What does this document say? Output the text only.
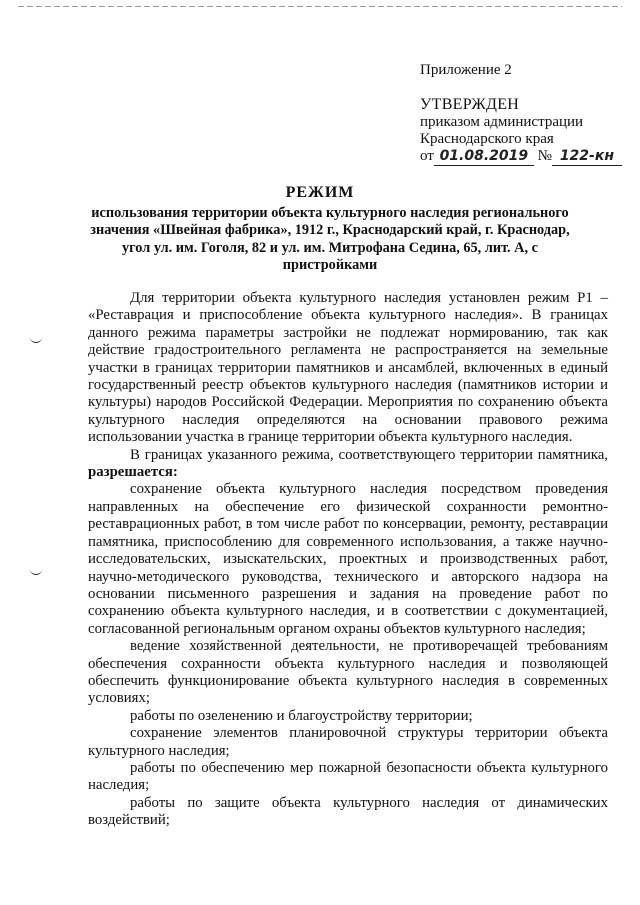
Приложение 2
УТВЕРЖДЕН
приказом администрации
Краснодарского края
от 01.08.2019 № 122-кн
РЕЖИМ
использования территории объекта культурного наследия регионального значения «Швейная фабрика», 1912 г., Краснодарский край, г. Краснодар, угол ул. им. Гоголя, 82 и ул. им. Митрофана Седина, 65, лит. А, с пристройками

Для территории объекта культурного наследия установлен режим Р1 – «Реставрация и приспособление объекта культурного наследия». В границах данного режима параметры застройки не подлежат нормированию, так как действие градостроительного регламента не распространяется на земельные участки в границах территории памятников и ансамблей, включенных в единый государственный реестр объектов культурного наследия (памятников истории и культуры) народов Российской Федерации. Мероприятия по сохранению объекта культурного наследия определяются на основании правового режима использовании участка в границе территории объекта культурного наследия.

В границах указанного режима, соответствующего территории памятника, разрешается:

сохранение объекта культурного наследия посредством проведения направленных на обеспечение его физической сохранности ремонтно-реставрационных работ, в том числе работ по консервации, ремонту, реставрации памятника, приспособлению для современного использования, а также научно-исследовательских, изыскательских, проектных и производственных работ, научно-методического руководства, технического и авторского надзора на основании письменного разрешения и задания на проведение работ по сохранению объекта культурного наследия, и в соответствии с документацией, согласованной региональным органом охраны объектов культурного наследия;

ведение хозяйственной деятельности, не противоречащей требованиям обеспечения сохранности объекта культурного наследия и позволяющей обеспечить функционирование объекта культурного наследия в современных условиях;

работы по озеленению и благоустройству территории;

сохранение элементов планировочной структуры территории объекта культурного наследия;

работы по обеспечению мер пожарной безопасности объекта культурного наследия;

работы по защите объекта культурного наследия от динамических воздействий;
